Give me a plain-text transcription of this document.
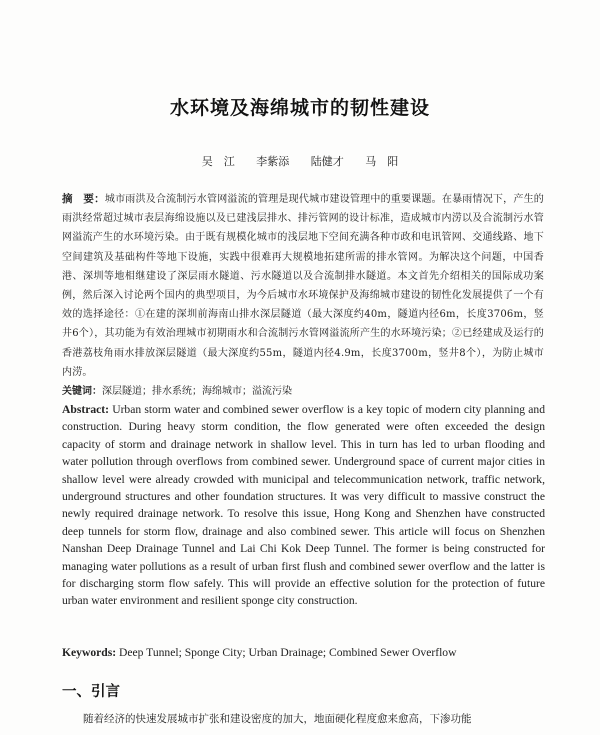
水环境及海绵城市的韧性建设
吴　江 李紫添 陆健才 马　阳
摘　要：城市雨洪及合流制污水管网溢流的管理是现代城市建设管理中的重要课题。在暴雨情况下，产生的雨洪经常超过城市表层海绵设施以及已建浅层排水、排污管网的设计标准，造成城市内涝以及合流制污水管网溢流产生的水环境污染。由于既有规模化城市的浅层地下空间充满各种市政和电讯管网、交通线路、地下空间建筑及基础构件等地下设施，实践中很难再大规模地拓建所需的排水管网。为解决这个问题，中国香港、深圳等地相继建设了深层雨水隧道、污水隧道以及合流制排水隧道。本文首先介绍相关的国际成功案例，然后深入讨论两个国内的典型项目，为今后城市水环境保护及海绵城市建设的韧性化发展提供了一个有效的选择途径：①在建的深圳前海南山排水深层隧道（最大深度约40m，隧道内径6m，长度3706m，竖井6个），其功能为有效治理城市初期雨水和合流制污水管网溢流所产生的水环境污染；②已经建成及运行的香港荔枝角雨水排放深层隧道（最大深度约55m，隧道内径4.9m，长度3700m，竖井8个），为防止城市内涝。
关键词：深层隧道；排水系统；海绵城市；溢流污染
Abstract: Urban storm water and combined sewer overflow is a key topic of modern city planning and construction. During heavy storm condition, the flow generated were often exceeded the design capacity of storm and drainage network in shallow level. This in turn has led to urban flooding and water pollution through overflows from combined sewer. Underground space of current major cities in shallow level were already crowded with municipal and telecommunication network, traffic network, underground structures and other foundation structures. It was very difficult to massive construct the newly required drainage network. To resolve this issue, Hong Kong and Shenzhen have constructed deep tunnels for storm flow, drainage and also combined sewer. This article will focus on Shenzhen Nanshan Deep Drainage Tunnel and Lai Chi Kok Deep Tunnel. The former is being constructed for managing water pollutions as a result of urban first flush and combined sewer overflow and the latter is for discharging storm flow safely. This will provide an effective solution for the protection of future urban water environment and resilient sponge city construction.
Keywords: Deep Tunnel; Sponge City; Urban Drainage; Combined Sewer Overflow
一、引言
随着经济的快速发展城市扩张和建设密度的加大，地面硬化程度愈来愈高，下渗功能
